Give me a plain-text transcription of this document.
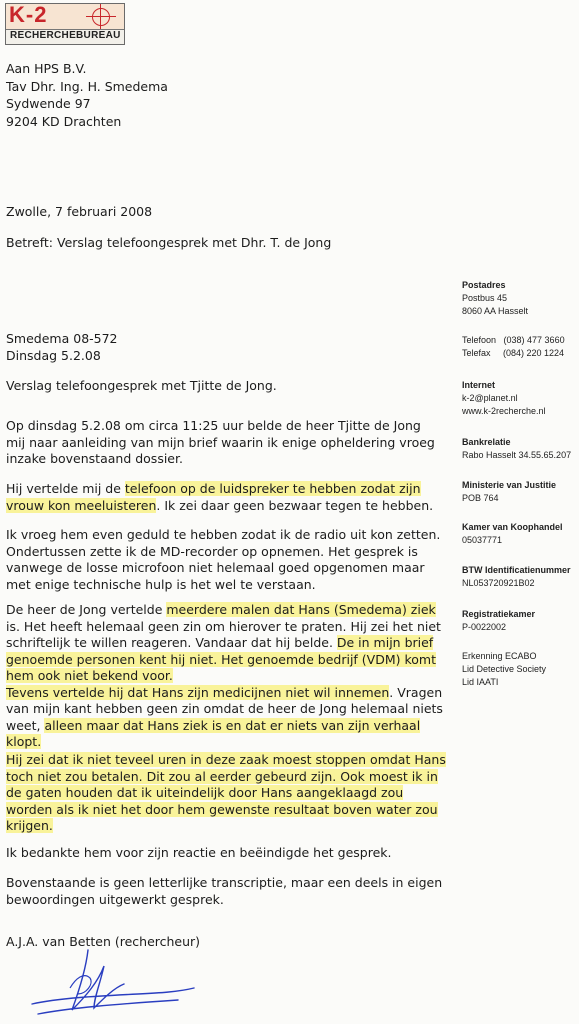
K-2
RECHERCHEBUREAU
Aan HPS B.V.
Tav Dhr. Ing. H. Smedema
Sydwende 97
9204 KD Drachten
Zwolle, 7 februari 2008
Betreft: Verslag telefoongesprek met Dhr. T. de Jong
Smedema 08-572
Dinsdag 5.2.08
Verslag telefoongesprek met Tjitte de Jong.
Op dinsdag 5.2.08 om circa 11:25 uur belde de heer Tjitte de Jong
mij naar aanleiding van mijn brief waarin ik enige opheldering vroeg
inzake bovenstaand dossier.
Hij vertelde mij de telefoon op de luidspreker te hebben zodat zijn
vrouw kon meeluisteren. Ik zei daar geen bezwaar tegen te hebben.
Ik vroeg hem even geduld te hebben zodat ik de radio uit kon zetten.
Ondertussen zette ik de MD-recorder op opnemen. Het gesprek is
vanwege de losse microfoon niet helemaal goed opgenomen maar
met enige technische hulp is het wel te verstaan.
De heer de Jong vertelde meerdere malen dat Hans (Smedema) ziek
is. Het heeft helemaal geen zin om hierover te praten. Hij zei het niet
schriftelijk te willen reageren. Vandaar dat hij belde. De in mijn brief
genoemde personen kent hij niet. Het genoemde bedrijf (VDM) komt
hem ook niet bekend voor.
Tevens vertelde hij dat Hans zijn medicijnen niet wil innemen. Vragen
van mijn kant hebben geen zin omdat de heer de Jong helemaal niets
weet, alleen maar dat Hans ziek is en dat er niets van zijn verhaal
klopt.
Hij zei dat ik niet teveel uren in deze zaak moest stoppen omdat Hans
toch niet zou betalen. Dit zou al eerder gebeurd zijn. Ook moest ik in
de gaten houden dat ik uiteindelijk door Hans aangeklaagd zou
worden als ik niet het door hem gewenste resultaat boven water zou
krijgen.
Ik bedankte hem voor zijn reactie en beëindigde het gesprek.
Bovenstaande is geen letterlijke transcriptie, maar een deels in eigen
bewoordingen uitgewerkt gesprek.
A.J.A. van Betten (rechercheur)
Postadres
Postbus 45
8060 AA Hasselt
Telefoon   (038) 477 3660
Telefax     (084) 220 1224
Internet
k-2@planet.nl
www.k-2recherche.nl
Bankrelatie
Rabo Hasselt 34.55.65.207
Ministerie van Justitie
POB 764
Kamer van Koophandel
05037771
BTW Identificatienummer
NL053720921B02
Registratiekamer
P-0022002
Erkenning ECABO
Lid Detective Society
Lid IAATI
